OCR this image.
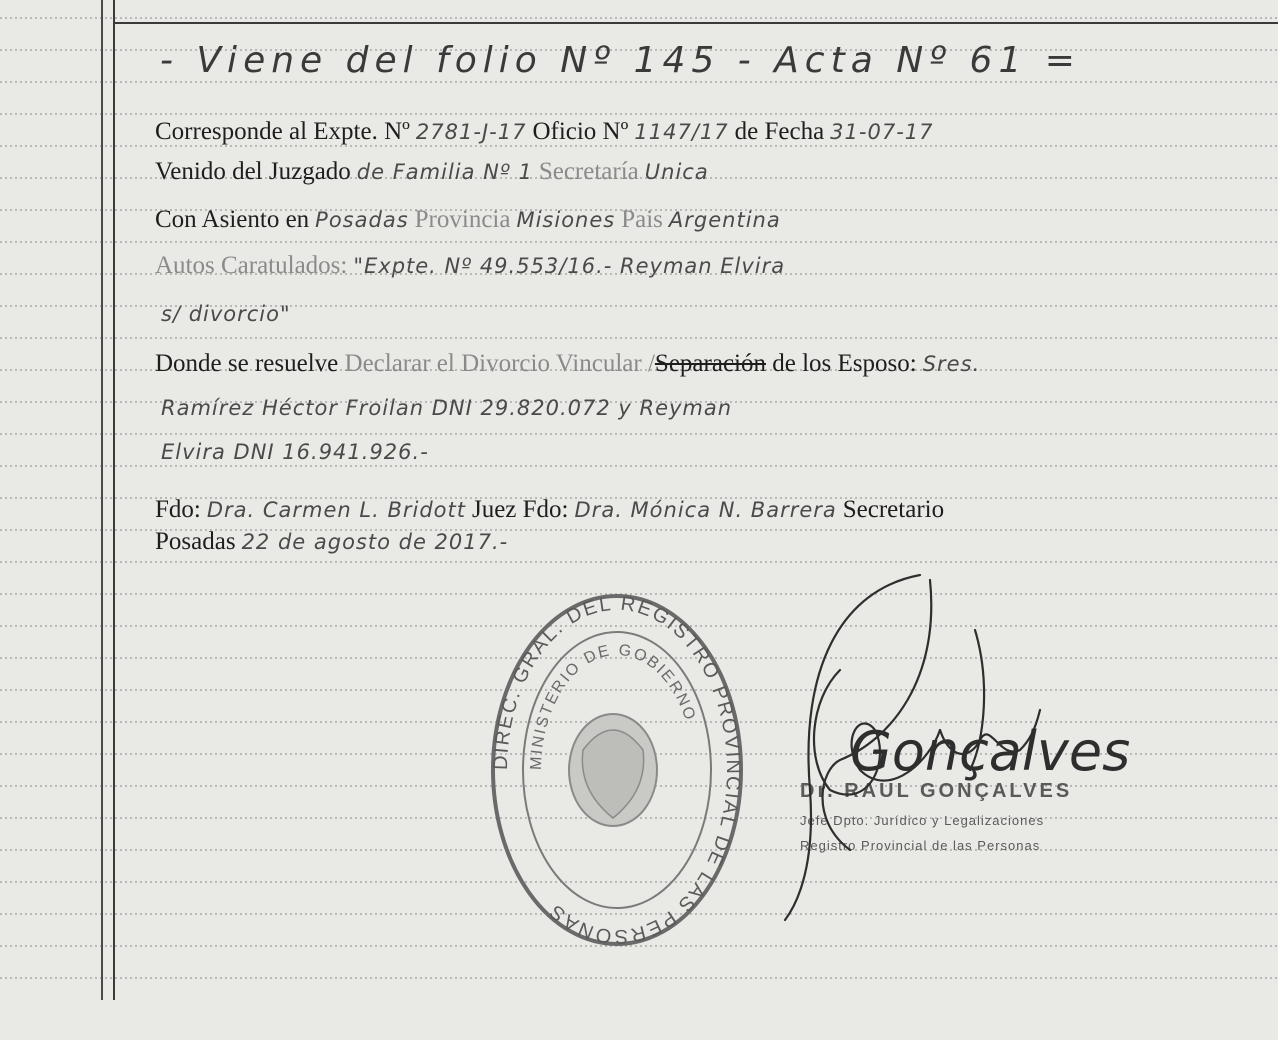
- Viene del folio Nº 145 - Acta Nº 61 =
Corresponde al Expte. Nº 2781-J-17 Oficio Nº 1147/17 de Fecha 31-07-17
Venido del Juzgado de Familia Nº 1 Secretaría Unica
Con Asiento en Posadas Provincia Misiones Pais Argentina
Autos Caratulados: "Expte. Nº 49.553/16.- Reyman Elvira
s/ divorcio"
Donde se resuelve Declarar el Divorcio Vincular /Separación de los Esposo: Sres.
Ramírez Héctor Froilan DNI 29.820.072 y Reyman
Elvira DNI 16.941.926.-
Fdo: Dra. Carmen L. Bridott Juez Fdo: Dra. Mónica N. Barrera Secretario
Posadas 22 de agosto de 2017.-
DIREC. GRAL. DEL REGISTRO PROVINCIAL DE LAS PERSONAS
MINISTERIO DE GOBIERNO
Dr. RAUL GONÇALVES
Jefe Dpto. Jurídico y Legalizaciones
Registro Provincial de las Personas
Gonçalves
